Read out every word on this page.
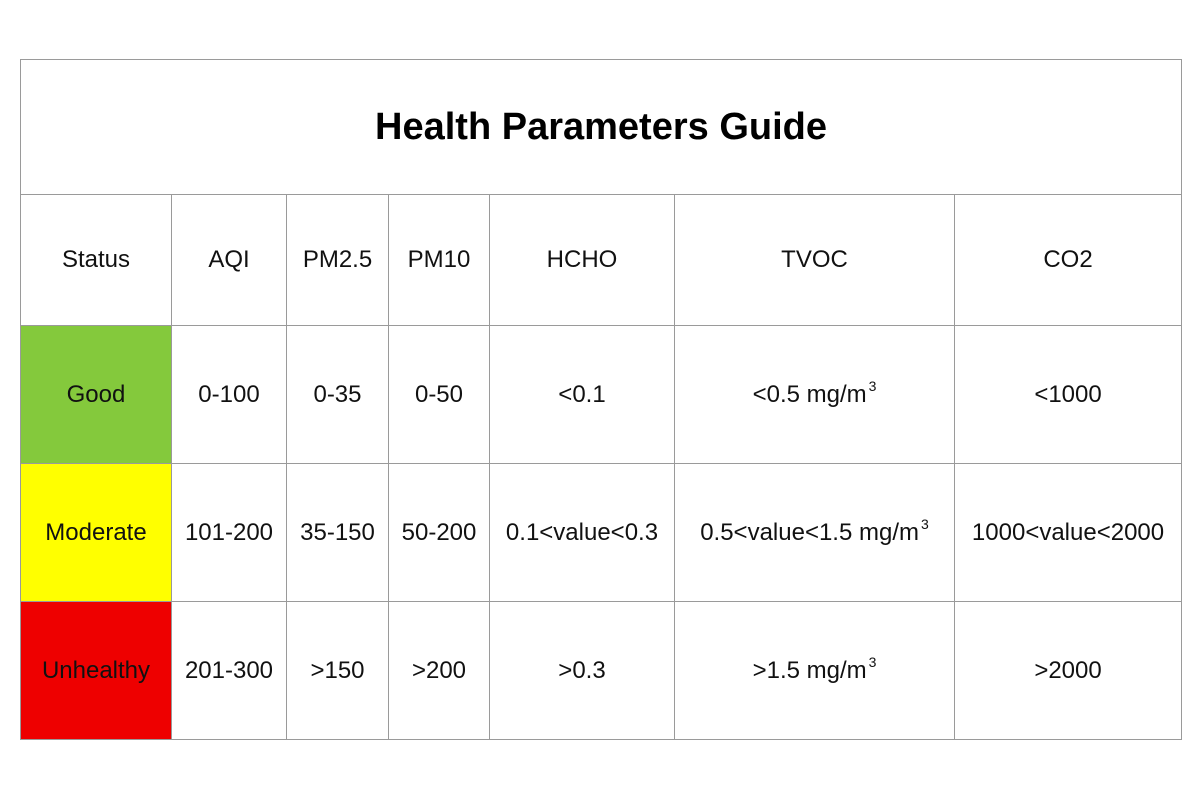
Health Parameters Guide						
Status	AQI	PM2.5	PM10	HCHO	TVOC	CO2
Good	0-100	0-35	0-50	<0.1	<0.5 mg/m $^3$	<1000
Moderate	101-200	35-150	50-200	0.1<value<0.3	0.5<value<1.5 mg/m $^3$	1000<value<2000
Unhealthy	201-300	>150	>200	>0.3	>1.5 mg/m $^3$	>2000
